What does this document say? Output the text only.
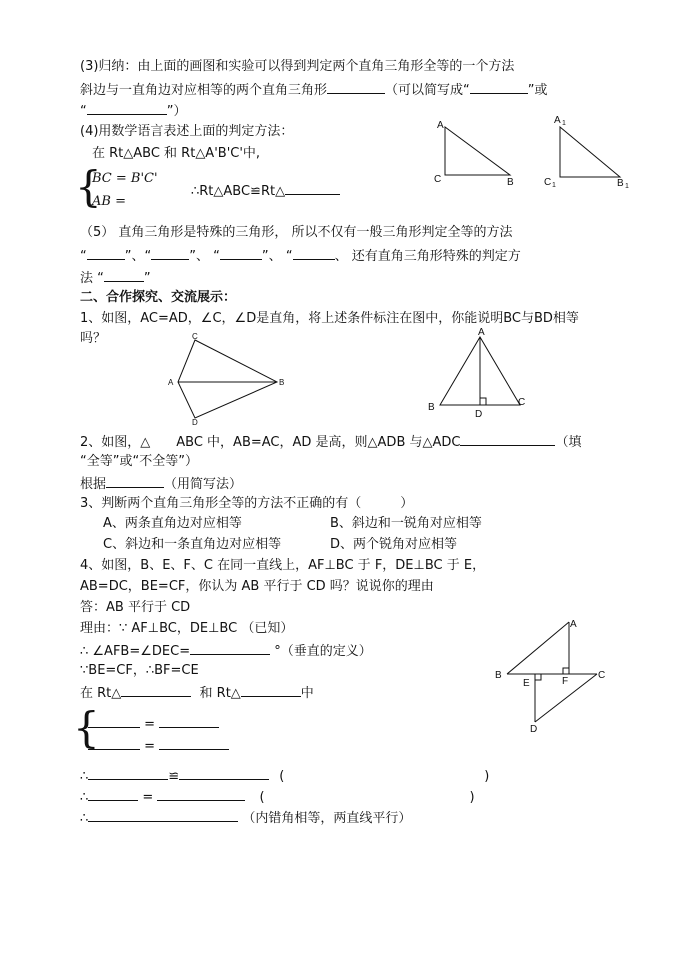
(3)归纳：由上面的画图和实验可以得到判定两个直角三角形全等的一个方法
斜边与一直角边对应相等的两个直角三角形	（可以简写成“	”或
“	”）
(4)用数学语言表述上面的判定方法：
在 Rt△ABC 和 Rt△A'B'C'中,
{
BC = B'C'
AB =
∴Rt△ABC≌Rt△
A
C	B
A 1
C 1	B 1
（5） 直角三角形是特殊的三角形， 所以不仅有一般三角形判定全等的方法
“	”、“	”、 “	”、 “	、 还有直角三角形特殊的判定方
法 “	”
二、合作探究、交流展示：
1、如图，AC=AD，∠C，∠D是直角，将上述条件标注在图中，你能说明BC与BD相等
吗？	C
A	B
D
A
B
D
C
2、如图，△　　ABC 中，AB=AC，AD 是高，则△ADB 与△ADC	（填
“全等”或“不全等”）
根据	（用简写法）
3、判断两个直角三角形全等的方法不正确的有（　　　）
A、两条直角边对应相等	B、斜边和一锐角对应相等
C、斜边和一条直角边对应相等	D、两个锐角对应相等
4、如图，B、E、F、C 在同一直线上，AF⊥BC 于 F，DE⊥BC 于 E，
AB=DC，BE=CF，你认为 AB 平行于 CD 吗？说说你的理由
答：AB 平行于 CD
理由：∵ AF⊥BC，DE⊥BC （已知）
∴ ∠AFB=∠DEC=	°（垂直的定义）
∵BE=CF，∴BF=CE
在 Rt△	和 Rt△	中
{	=
=
∴	≌	(	)
∴	=	(	)
∴	（内错角相等，两直线平行）
A
B
E	F
C
D
